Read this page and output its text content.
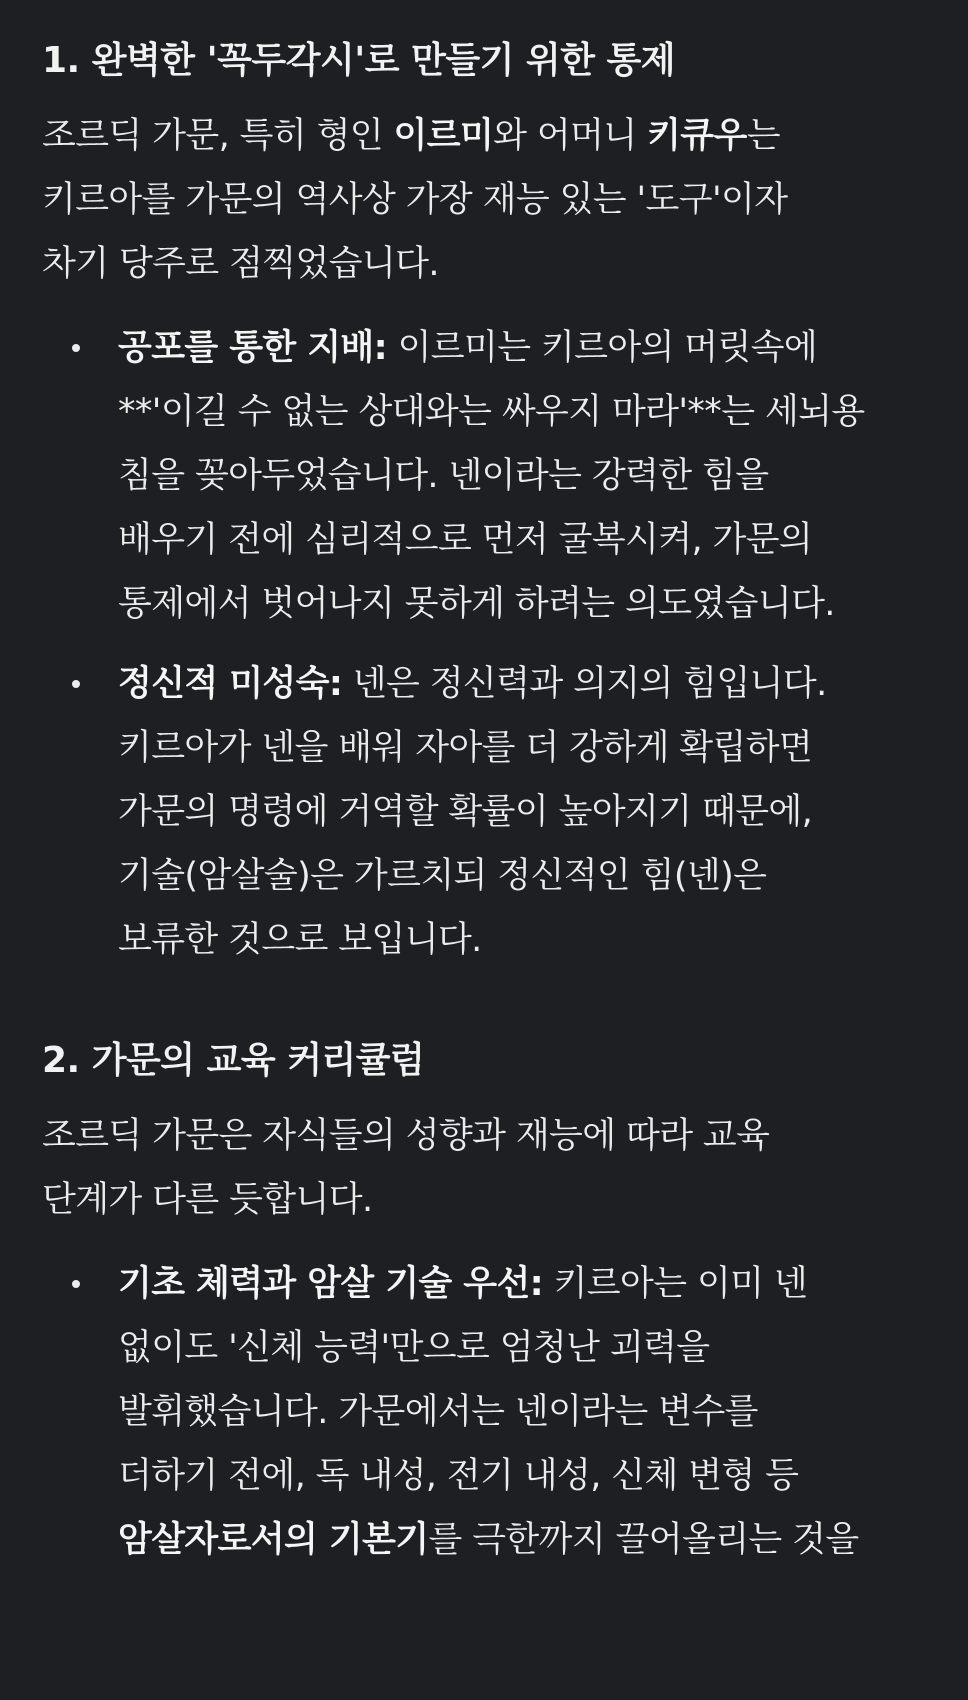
1. 완벽한 '꼭두각시'로 만들기 위한 통제

조르딕 가문, 특히 형인 이르미와 어머니 키큐우는
키르아를 가문의 역사상 가장 재능 있는 '도구'이자
차기 당주로 점찍었습니다.

공포를 통한 지배: 이르미는 키르아의 머릿속에
**'이길 수 없는 상대와는 싸우지 마라'**는 세뇌용
침을 꽂아두었습니다. 넨이라는 강력한 힘을
배우기 전에 심리적으로 먼저 굴복시켜, 가문의
통제에서 벗어나지 못하게 하려는 의도였습니다.
정신적 미성숙: 넨은 정신력과 의지의 힘입니다.
키르아가 넨을 배워 자아를 더 강하게 확립하면
가문의 명령에 거역할 확률이 높아지기 때문에,
기술(암살술)은 가르치되 정신적인 힘(넨)은
보류한 것으로 보입니다.
2. 가문의 교육 커리큘럼

조르딕 가문은 자식들의 성향과 재능에 따라 교육
단계가 다른 듯합니다.

기초 체력과 암살 기술 우선: 키르아는 이미 넨
없이도 '신체 능력'만으로 엄청난 괴력을
발휘했습니다. 가문에서는 넨이라는 변수를
더하기 전에, 독 내성, 전기 내성, 신체 변형 등
암살자로서의 기본기를 극한까지 끌어올리는 것을
